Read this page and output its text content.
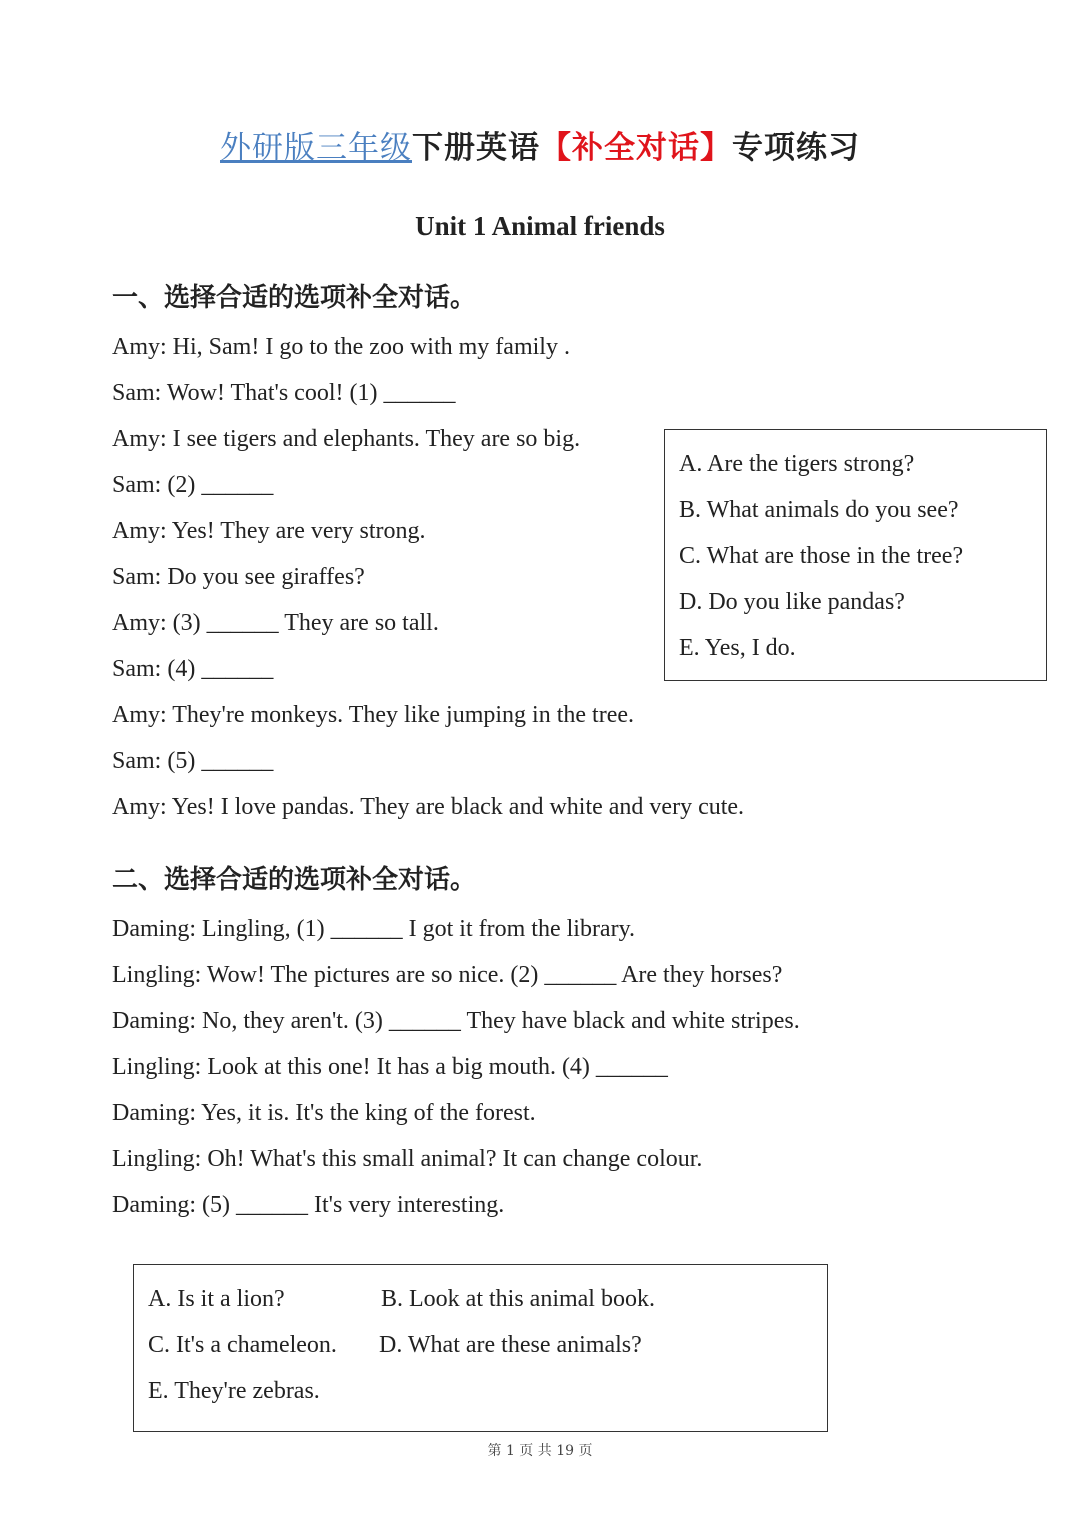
外研版三年级下册英语【补全对话】专项练习
Unit 1 Animal friends
一、选择合适的选项补全对话。
Amy: Hi, Sam! I go to the zoo with my family .
Sam: Wow! That's cool! (1) ______
Amy: I see tigers and elephants. They are so big.
Sam: (2) ______
Amy: Yes! They are very strong.
Sam: Do you see giraffes?
Amy: (3) ______ They are so tall.
Sam: (4) ______
Amy: They're monkeys. They like jumping in the tree.
Sam: (5) ______
Amy: Yes! I love pandas. They are black and white and very cute.
A. Are the tigers strong?
B. What animals do you see?
C. What are those in the tree?
D. Do you like pandas?
E. Yes, I do.
二、选择合适的选项补全对话。
Daming: Lingling, (1) ______ I got it from the library.
Lingling: Wow! The pictures are so nice. (2) ______ Are they horses?
Daming: No, they aren't. (3) ______ They have black and white stripes.
Lingling: Look at this one! It has a big mouth. (4) ______
Daming: Yes, it is. It's the king of the forest.
Lingling: Oh! What's this small animal? It can change colour.
Daming: (5) ______ It's very interesting.
A. Is it a lion?	B. Look at this animal book.
C. It's a chameleon. D. What are these animals?
E. They're zebras.
第 1 页 共 19 页
